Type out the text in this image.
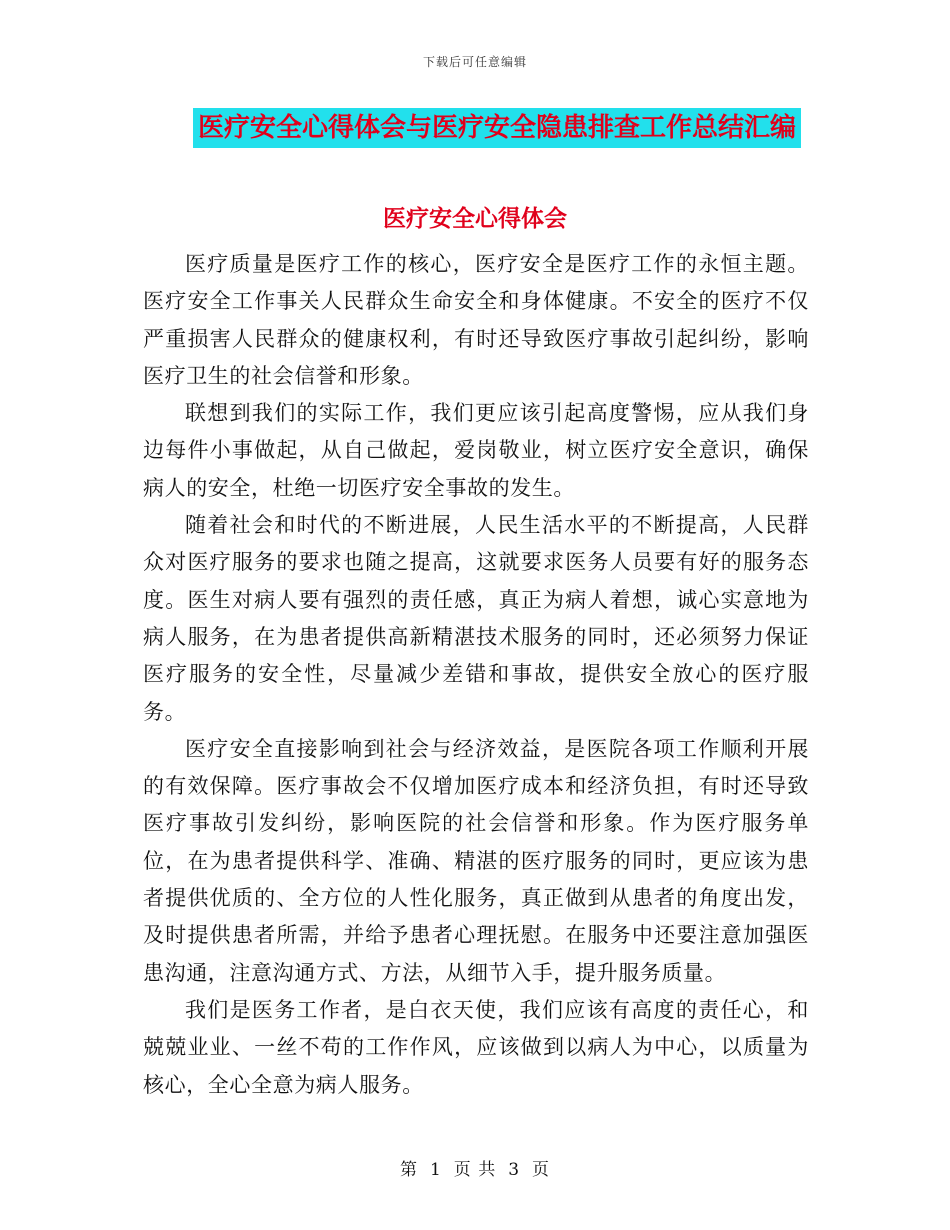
下载后可任意编辑
医疗安全心得体会与医疗安全隐患排查工作总结汇编
医疗安全心得体会

医疗质量是医疗工作的核心，医疗安全是医疗工作的永恒主题。医疗安全工作事关人民群众生命安全和身体健康。不安全的医疗不仅严重损害人民群众的健康权利，有时还导致医疗事故引起纠纷，影响医疗卫生的社会信誉和形象。

联想到我们的实际工作，我们更应该引起高度警惕，应从我们身边每件小事做起，从自己做起，爱岗敬业，树立医疗安全意识，确保病人的安全，杜绝一切医疗安全事故的发生。

随着社会和时代的不断进展，人民生活水平的不断提高，人民群众对医疗服务的要求也随之提高，这就要求医务人员要有好的服务态度。医生对病人要有强烈的责任感，真正为病人着想，诚心实意地为病人服务，在为患者提供高新精湛技术服务的同时，还必须努力保证医疗服务的安全性，尽量减少差错和事故，提供安全放心的医疗服务。

医疗安全直接影响到社会与经济效益，是医院各项工作顺利开展的有效保障。医疗事故会不仅增加医疗成本和经济负担，有时还导致医疗事故引发纠纷，影响医院的社会信誉和形象。作为医疗服务单位，在为患者提供科学、准确、精湛的医疗服务的同时，更应该为患者提供优质的、全方位的人性化服务，真正做到从患者的角度出发，及时提供患者所需，并给予患者心理抚慰。在服务中还要注意加强医患沟通，注意沟通方式、方法，从细节入手，提升服务质量。

我们是医务工作者，是白衣天使，我们应该有高度的责任心，和兢兢业业、一丝不苟的工作作风，应该做到以病人为中心，以质量为核心，全心全意为病人服务。

第 1 页 共 3 页
